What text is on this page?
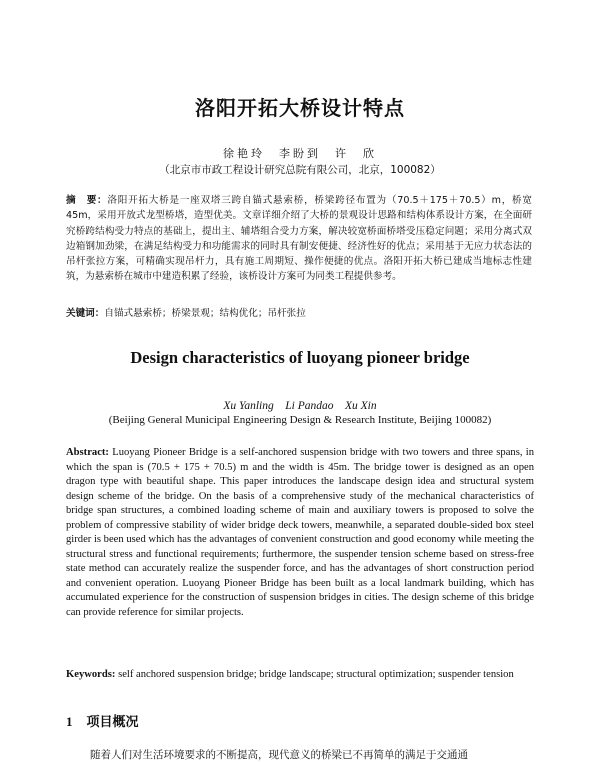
洛阳开拓大桥设计特点
徐艳玲　李盼到　许　欣
（北京市市政工程设计研究总院有限公司，北京，100082）
摘　要：洛阳开拓大桥是一座双塔三跨自锚式悬索桥，桥梁跨径布置为（70.5＋175＋70.5）m，桥宽45m，采用开放式龙型桥塔，造型优美。文章详细介绍了大桥的景观设计思路和结构体系设计方案，在全面研究桥跨结构受力特点的基础上，提出主、辅塔组合受力方案，解决较宽桥面桥塔受压稳定问题；采用分离式双边箱钢加劲梁，在满足结构受力和功能需求的同时具有制安便捷、经济性好的优点；采用基于无应力状态法的吊杆张拉方案，可精确实现吊杆力，具有施工周期短、操作便捷的优点。洛阳开拓大桥已建成当地标志性建筑，为悬索桥在城市中建造积累了经验，该桥设计方案可为同类工程提供参考。
关键词：自锚式悬索桥；桥梁景观；结构优化；吊杆张拉
Design characteristics of luoyang pioneer bridge
Xu Yanling　Li Pandao　Xu Xin
(Beijing General Municipal Engineering Design & Research Institute, Beijing 100082)
Abstract: Luoyang Pioneer Bridge is a self-anchored suspension bridge with two towers and three spans, in which the span is (70.5 + 175 + 70.5) m and the width is 45m. The bridge tower is designed as an open dragon type with beautiful shape. This paper introduces the landscape design idea and structural system design scheme of the bridge. On the basis of a comprehensive study of the mechanical characteristics of bridge span structures, a combined loading scheme of main and auxiliary towers is proposed to solve the problem of compressive stability of wider bridge deck towers, meanwhile, a separated double-sided box steel girder is been used which has the advantages of convenient construction and good economy while meeting the structural stress and functional requirements; furthermore, the suspender tension scheme based on stress-free state method can accurately realize the suspender force, and has the advantages of short construction period and convenient operation. Luoyang Pioneer Bridge has been built as a local landmark building, which has accumulated experience for the construction of suspension bridges in cities. The design scheme of this bridge can provide reference for similar projects.
Keywords: self anchored suspension bridge; bridge landscape; structural optimization; suspender tension
1 项目概况
随着人们对生活环境要求的不断提高，现代意义的桥梁已不再简单的满足于交通通
